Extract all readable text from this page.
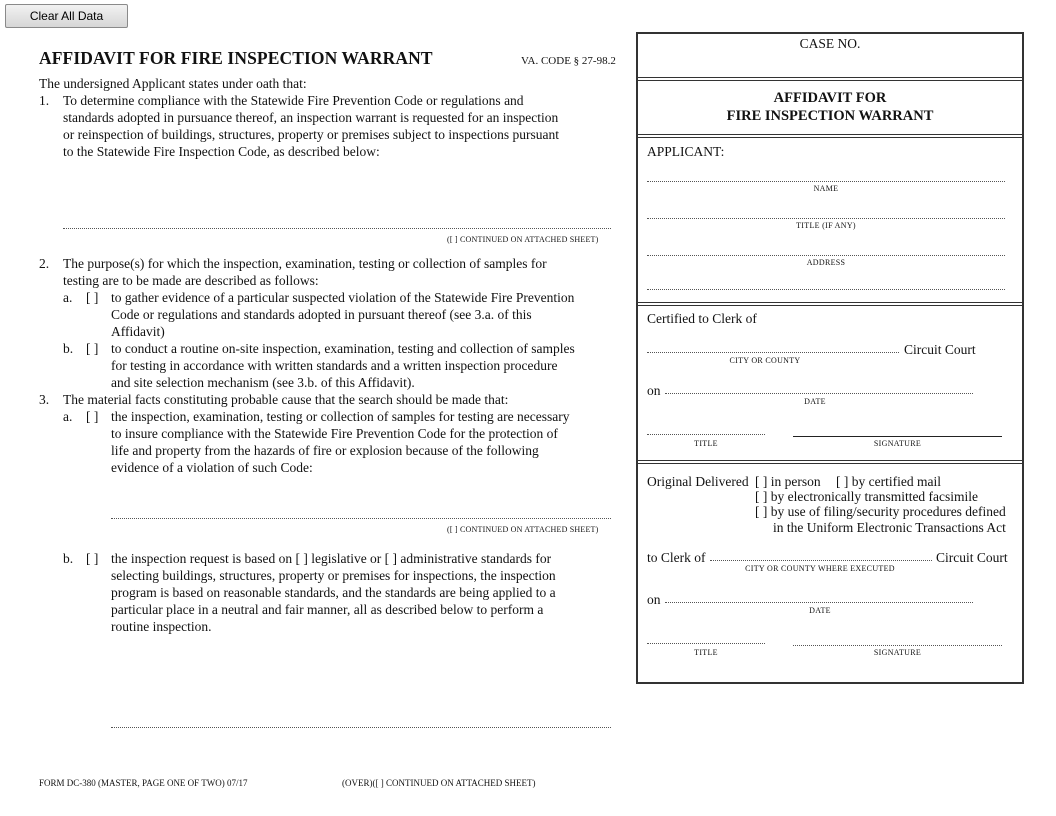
Clear All Data
AFFIDAVIT FOR FIRE INSPECTION WARRANT	VA. CODE § 27-98.2
The undersigned Applicant states under oath that:
1. To determine compliance with the Statewide Fire Prevention Code or regulations and
standards adopted in pursuance thereof, an inspection warrant is requested for an inspection
or reinspection of buildings, structures, property or premises subject to inspections pursuant
to the Statewide Fire Inspection Code, as described below:
([ ] CONTINUED ON ATTACHED SHEET)
2. The purpose(s) for which the inspection, examination, testing or collection of samples for
testing are to be made are described as follows:
a. [ ] to gather evidence of a particular suspected violation of the Statewide Fire Prevention
Code or regulations and standards adopted in pursuant thereof (see 3.a. of this
Affidavit)
b. [ ] to conduct a routine on-site inspection, examination, testing and collection of samples
for testing in accordance with written standards and a written inspection procedure
and site selection mechanism (see 3.b. of this Affidavit).
3. The material facts constituting probable cause that the search should be made that:
a. [ ] the inspection, examination, testing or collection of samples for testing are necessary
to insure compliance with the Statewide Fire Prevention Code for the protection of
life and property from the hazards of fire or explosion because of the following
evidence of a violation of such Code:
([ ] CONTINUED ON ATTACHED SHEET)
b. [ ] the inspection request is based on [ ] legislative or [ ] administrative standards for
selecting buildings, structures, property or premises for inspections, the inspection
program is based on reasonable standards, and the standards are being applied to a
particular place in a neutral and fair manner, all as described below to perform a
routine inspection.
FORM DC-380 (MASTER, PAGE ONE OF TWO) 07/17	(OVER)([ ] CONTINUED ON ATTACHED SHEET)
CASE NO.
AFFIDAVIT FOR
FIRE INSPECTION WARRANT
APPLICANT:
NAME
TITLE (IF ANY)
ADDRESS
Certified to Clerk of
Circuit Court
CITY OR COUNTY
on
DATE
TITLE	SIGNATURE
Original Delivered [ ] in person [ ] by certified mail
[ ] by electronically transmitted facsimile
[ ] by use of filing/security procedures defined
in the Uniform Electronic Transactions Act
to Clerk of	Circuit Court
CITY OR COUNTY WHERE EXECUTED
on
DATE
TITLE	SIGNATURE
